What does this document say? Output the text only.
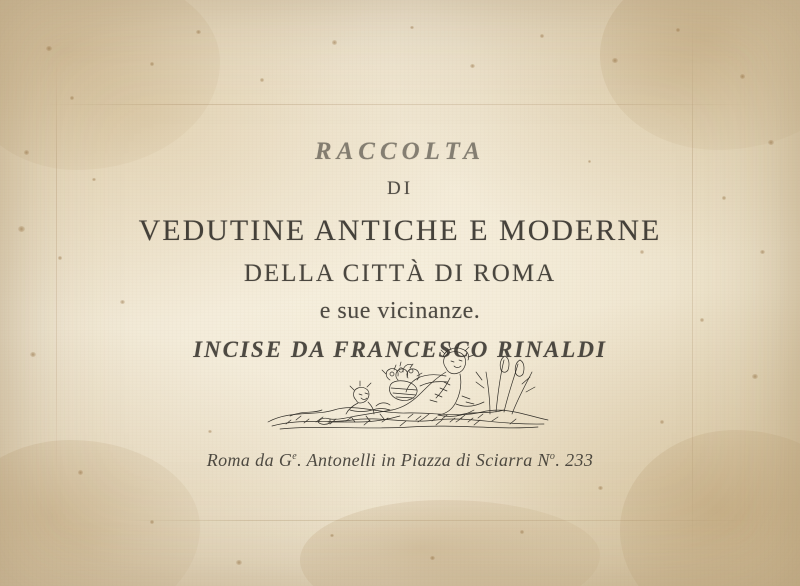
RACCOLTA
DI
VEDUTINE ANTICHE E MODERNE
DELLA CITTÀ DI ROMA
e sue vicinanze.
INCISE DA FRANCESCO RINALDI
Roma da $G^e$. Antonelli in Piazza di Sciarra $N^o$. 233
